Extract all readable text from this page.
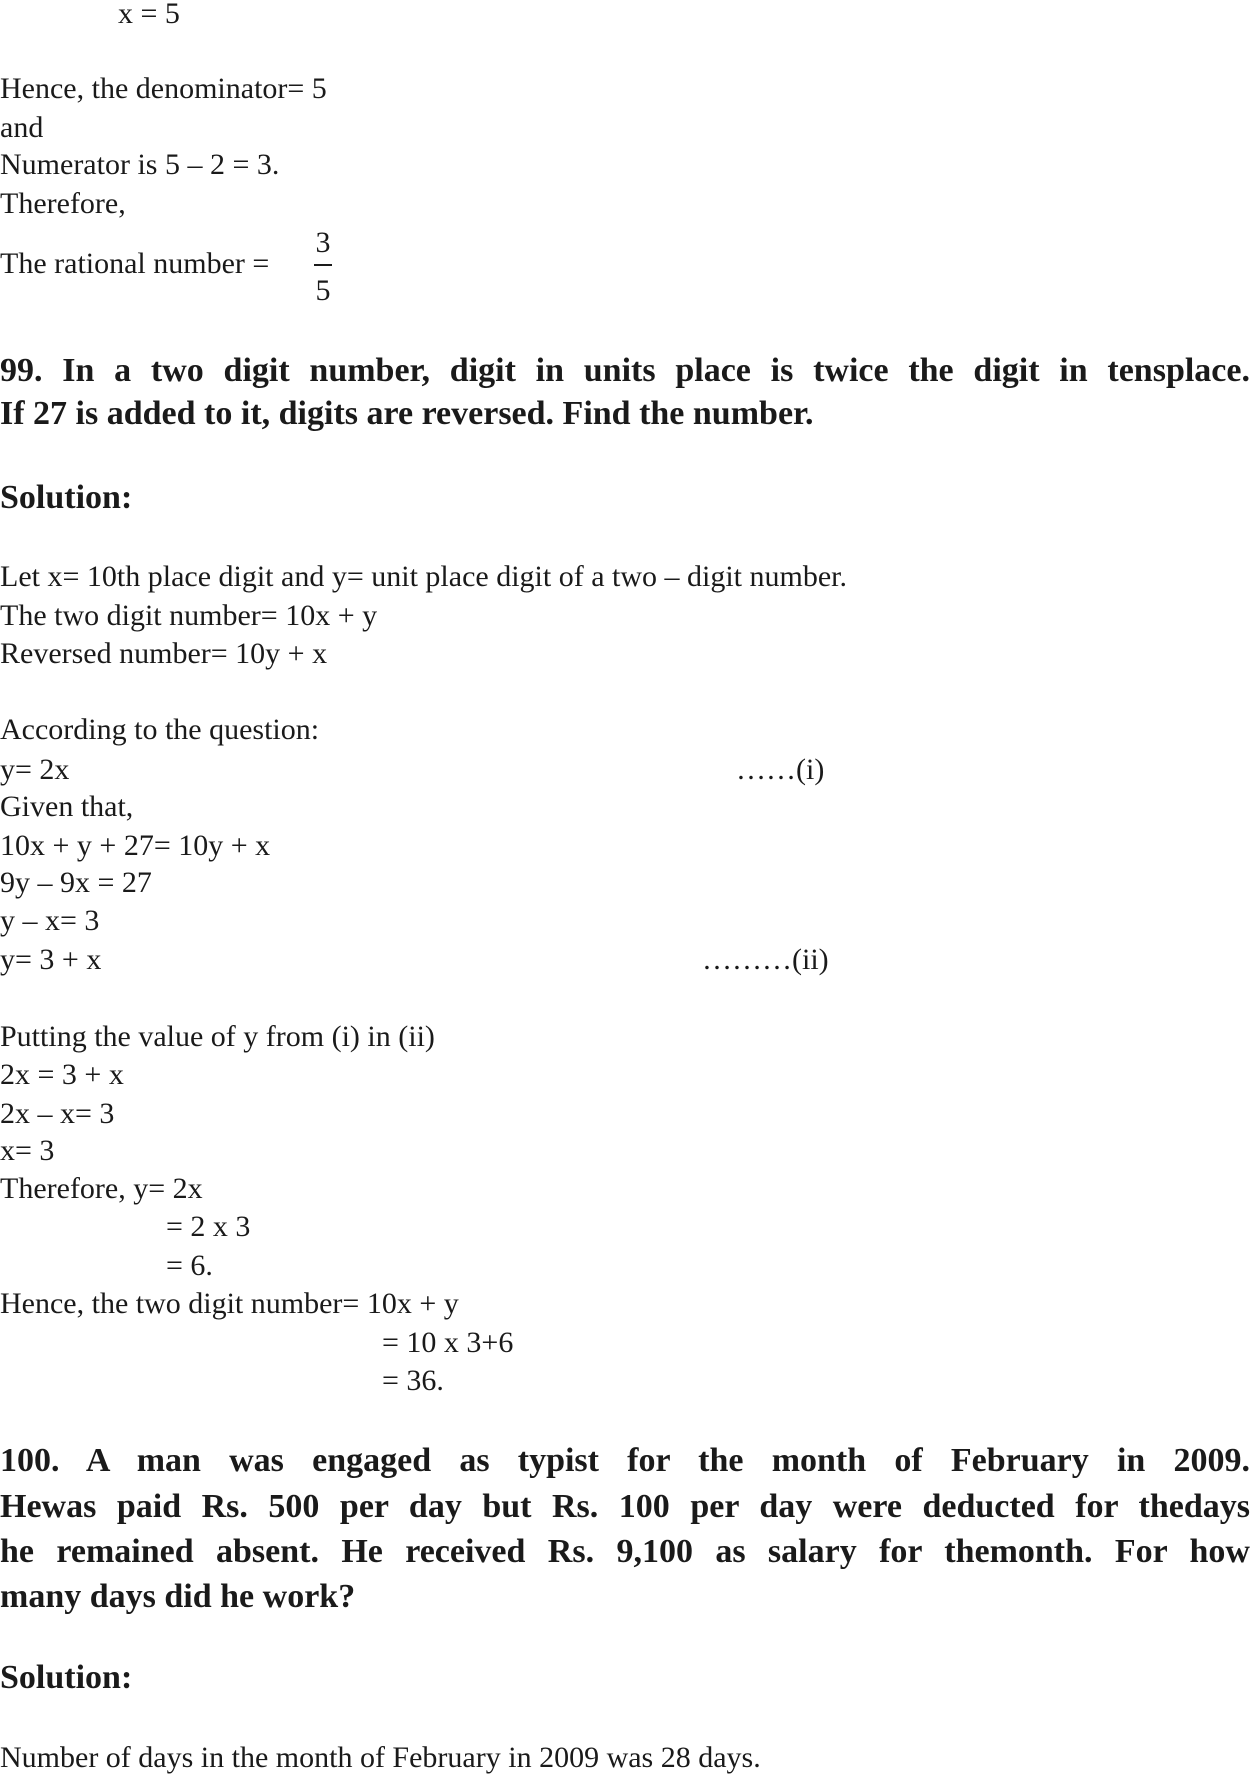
x = 5
Hence, the denominator= 5
and
Numerator is 5 – 2 = 3.
Therefore,
The rational number =
3
5
99. In a two digit number, digit in units place is twice the digit in tensplace.
If 27 is added to it, digits are reversed. Find the number.
Solution:
Let x= 10th place digit and y= unit place digit of a two – digit number.
The two digit number= 10x + y
Reversed number= 10y + x
According to the question:
y= 2x	……(i)
Given that,
10x + y + 27= 10y + x
9y – 9x = 27
y – x= 3
y= 3 + x	………(ii)
Putting the value of y from (i) in (ii)
2x = 3 + x
2x – x= 3
x= 3
Therefore, y= 2x
= 2 x 3
= 6.
Hence, the two digit number= 10x + y
= 10 x 3+6
= 36.
100. A man was engaged as typist for the month of February in 2009.
Hewas paid Rs. 500 per day but Rs. 100 per day were deducted for thedays
he remained absent. He received Rs. 9,100 as salary for themonth. For how
many days did he work?
Solution:
Number of days in the month of February in 2009 was 28 days.
